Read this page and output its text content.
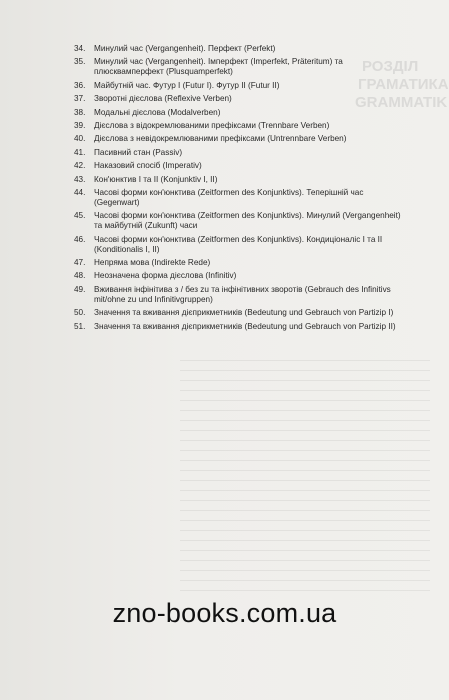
РОЗДІЛ
ГРАМАТИКА
GRAMMATIK
34.	Минулий час (Vergangenheit). Перфект (Perfekt)
35.	Минулий час (Vergangenheit). Імперфект (Imperfekt, Präteritum) та плюсквамперфект (Plusquamperfekt)
36.	Майбутній час. Футур I (Futur I). Футур II (Futur II)
37.	Зворотні дієслова (Reflexive Verben)
38.	Модальні дієслова (Modalverben)
39.	Дієслова з відокремлюваними префіксами (Trennbare Verben)
40.	Дієслова з невідокремлюваними префіксами (Untrennbare Verben)
41.	Пасивний стан (Passiv)
42.	Наказовий спосіб (Imperativ)
43.	Кон'юнктив I та II (Konjunktiv I, II)
44.	Часові форми кон'юнктива (Zeitformen des Konjunktivs). Теперішній час (Gegenwart)
45.	Часові форми кон'юнктива (Zeitformen des Konjunktivs). Минулий (Vergangenheit) та майбутній (Zukunft) часи
46.	Часові форми кон'юнктива (Zeitformen des Konjunktivs). Кондиціоналіс I та II (Konditionalis I, II)
47.	Непряма мова (Indirekte Rede)
48.	Неозначена форма дієслова (Infinitiv)
49.	Вживання інфінітива з / без zu та інфінітивних зворотів (Gebrauch des Infinitivs mit/ohne zu und Infinitivgruppen)
50.	Значення та вживання дієприкметників (Bedeutung und Gebrauch von Partizip I)
51.	Значення та вживання дієприкметників (Bedeutung und Gebrauch von Partizip II)
zno-books.com.ua
